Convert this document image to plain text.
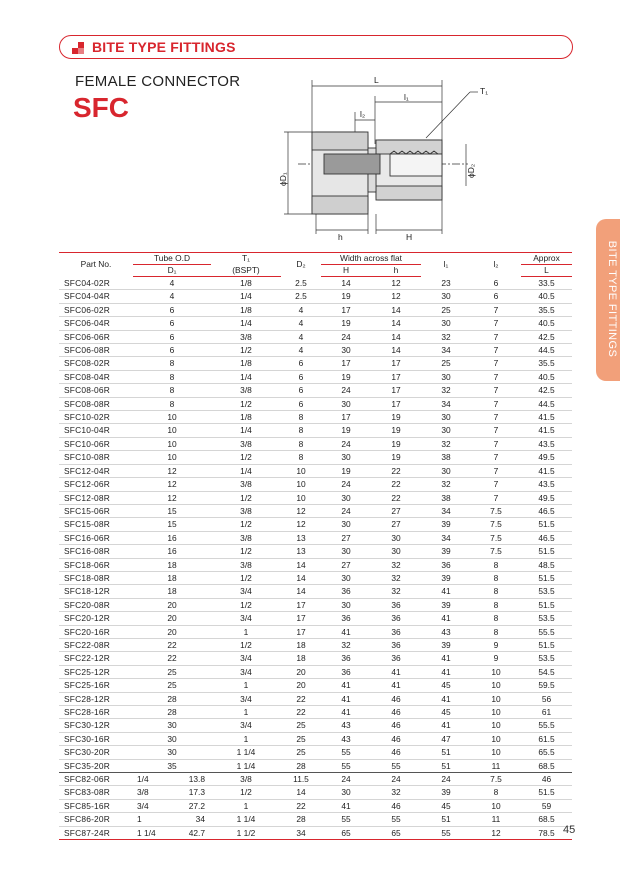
BITE TYPE FITTINGS
FEMALE CONNECTOR
SFC
BITE TYPE FITTINGS
L
l₁
l₂
T₁
h	H
ϕD₁
ϕD₂
Part No.	Tube O.D		T₁	D₂	Width across flat		l₁	l₂	Approx
	D₁		(BSPT)		H	h			L
SFC04-02R	4		1/8	2.5	14	12	23	6	33.5
SFC04-04R	4		1/4	2.5	19	12	30	6	40.5
SFC06-02R	6		1/8	4	17	14	25	7	35.5
SFC06-04R	6		1/4	4	19	14	30	7	40.5
SFC06-06R	6		3/8	4	24	14	32	7	42.5
SFC06-08R	6		1/2	4	30	14	34	7	44.5
SFC08-02R	8		1/8	6	17	17	25	7	35.5
SFC08-04R	8		1/4	6	19	17	30	7	40.5
SFC08-06R	8		3/8	6	24	17	32	7	42.5
SFC08-08R	8		1/2	6	30	17	34	7	44.5
SFC10-02R	10		1/8	8	17	19	30	7	41.5
SFC10-04R	10		1/4	8	19	19	30	7	41.5
SFC10-06R	10		3/8	8	24	19	32	7	43.5
SFC10-08R	10		1/2	8	30	19	38	7	49.5
SFC12-04R	12		1/4	10	19	22	30	7	41.5
SFC12-06R	12		3/8	10	24	22	32	7	43.5
SFC12-08R	12		1/2	10	30	22	38	7	49.5
SFC15-06R	15		3/8	12	24	27	34	7.5	46.5
SFC15-08R	15		1/2	12	30	27	39	7.5	51.5
SFC16-06R	16		3/8	13	27	30	34	7.5	46.5
SFC16-08R	16		1/2	13	30	30	39	7.5	51.5
SFC18-06R	18		3/8	14	27	32	36	8	48.5
SFC18-08R	18		1/2	14	30	32	39	8	51.5
SFC18-12R	18		3/4	14	36	32	41	8	53.5
SFC20-08R	20		1/2	17	30	36	39	8	51.5
SFC20-12R	20		3/4	17	36	36	41	8	53.5
SFC20-16R	20		1	17	41	36	43	8	55.5
SFC22-08R	22		1/2	18	32	36	39	9	51.5
SFC22-12R	22		3/4	18	36	36	41	9	53.5
SFC25-12R	25		3/4	20	36	41	41	10	54.5
SFC25-16R	25		1	20	41	41	45	10	59.5
SFC28-12R	28		3/4	22	41	46	41	10	56
SFC28-16R	28		1	22	41	46	45	10	61
SFC30-12R	30		3/4	25	43	46	41	10	55.5
SFC30-16R	30		1	25	43	46	47	10	61.5
SFC30-20R	30		1 1/4	25	55	46	51	10	65.5
SFC35-20R	35		1 1/4	28	55	55	51	11	68.5
SFC82-06R	1/4	13.8	3/8	11.5	24	24	24	7.5	46
SFC83-08R	3/8	17.3	1/2	14	30	32	39	8	51.5
SFC85-16R	3/4	27.2	1	22	41	46	45	10	59
SFC86-20R	1	34	1 1/4	28	55	55	51	11	68.5
SFC87-24R	1 1/4	42.7	1 1/2	34	65	65	55	12	78.5 45
